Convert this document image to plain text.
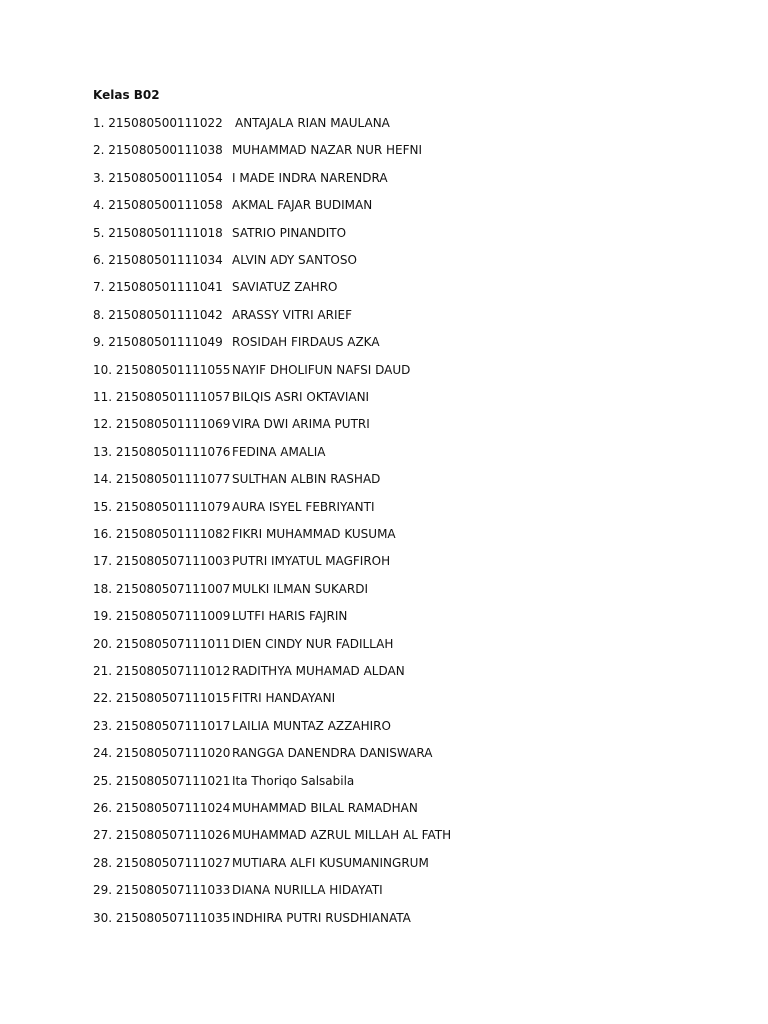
Kelas B02
1. 215080500111022 ANTAJALA RIAN MAULANA
2. 215080500111038 MUHAMMAD NAZAR NUR HEFNI
3. 215080500111054 I MADE INDRA NARENDRA
4. 215080500111058 AKMAL FAJAR BUDIMAN
5. 215080501111018 SATRIO PINANDITO
6. 215080501111034 ALVIN ADY SANTOSO
7. 215080501111041 SAVIATUZ ZAHRO
8. 215080501111042 ARASSY VITRI ARIEF
9. 215080501111049 ROSIDAH FIRDAUS AZKA
10. 215080501111055 NAYIF DHOLIFUN NAFSI DAUD
11. 215080501111057 BILQIS ASRI OKTAVIANI
12. 215080501111069 VIRA DWI ARIMA PUTRI
13. 215080501111076 FEDINA AMALIA
14. 215080501111077 SULTHAN ALBIN RASHAD
15. 215080501111079 AURA ISYEL FEBRIYANTI
16. 215080501111082 FIKRI MUHAMMAD KUSUMA
17. 215080507111003 PUTRI IMYATUL MAGFIROH
18. 215080507111007 MULKI ILMAN SUKARDI
19. 215080507111009 LUTFI HARIS FAJRIN
20. 215080507111011 DIEN CINDY NUR FADILLAH
21. 215080507111012 RADITHYA MUHAMAD ALDAN
22. 215080507111015 FITRI HANDAYANI
23. 215080507111017 LAILIA MUNTAZ AZZAHIRO
24. 215080507111020 RANGGA DANENDRA DANISWARA
25. 215080507111021 Ita Thoriqo Salsabila
26. 215080507111024 MUHAMMAD BILAL RAMADHAN
27. 215080507111026 MUHAMMAD AZRUL MILLAH AL FATH
28. 215080507111027 MUTIARA ALFI KUSUMANINGRUM
29. 215080507111033 DIANA NURILLA HIDAYATI
30. 215080507111035 INDHIRA PUTRI RUSDHIANATA
